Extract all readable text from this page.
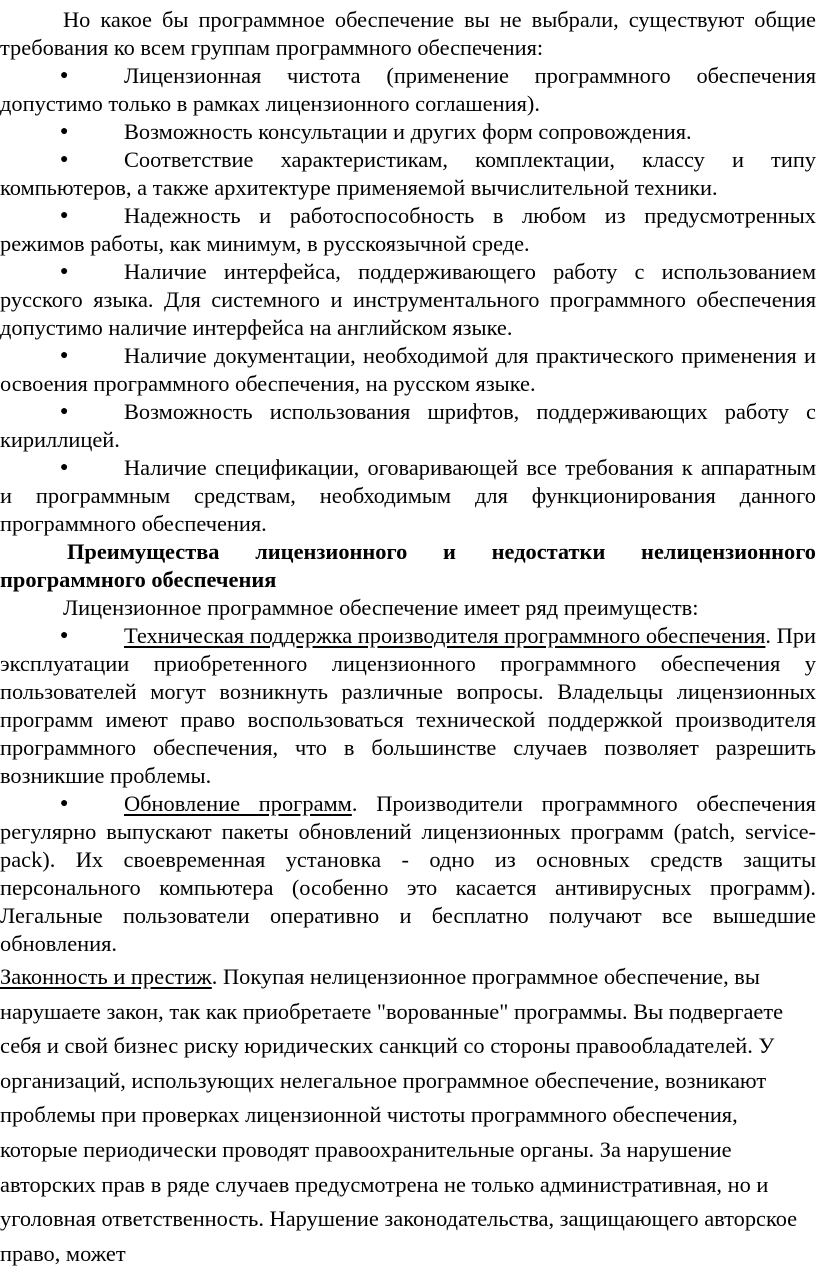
Но какое бы программное обеспечение вы не выбрали, существуют общие требования ко всем группам программного обеспечения:

● Лицензионная чистота (применение программного обеспечения допустимо только в рамках лицензионного соглашения).

● Возможность консультации и других форм сопровождения.

● Соответствие характеристикам, комплектации, классу и типу компьютеров, а также архитектуре применяемой вычислительной техники.

● Надежность и работоспособность в любом из предусмотренных режимов работы, как минимум, в русскоязычной среде.

● Наличие интерфейса, поддерживающего работу с использованием русского языка. Для системного и инструментального программного обеспечения допустимо наличие интерфейса на английском языке.

● Наличие документации, необходимой для практического применения и освоения программного обеспечения, на русском языке.

● Возможность использования шрифтов, поддерживающих работу с кириллицей.

● Наличие спецификации, оговаривающей все требования к аппаратным и программным средствам, необходимым для функционирования данного программного обеспечения.

Преимущества лицензионного и недостатки нелицензионного программного обеспечения

Лицензионное программное обеспечение имеет ряд преимуществ:

● Техническая поддержка производителя программного обеспечения. При эксплуатации приобретенного лицензионного программного обеспечения у пользователей могут возникнуть различные вопросы. Владельцы лицензионных программ имеют право воспользоваться технической поддержкой производителя программного обеспечения, что в большинстве случаев позволяет разрешить возникшие проблемы.

● Обновление программ. Производители программного обеспечения регулярно выпускают пакеты обновлений лицензионных программ (patch, service-pack). Их своевременная установка - одно из основных средств защиты персонального компьютера (особенно это касается антивирусных программ). Легальные пользователи оперативно и бесплатно получают все вышедшие обновления.

Законность и престиж. Покупая нелицензионное программное обеспечение, вы нарушаете закон, так как приобретаете "ворованные" программы. Вы подвергаете себя и свой бизнес риску юридических санкций со стороны правообладателей. У организаций, использующих нелегальное программное обеспечение, возникают проблемы при проверках лицензионной чистоты программного обеспечения, которые периодически проводят правоохранительные органы. За нарушение авторских прав в ряде случаев предусмотрена не только административная, но и уголовная ответственность. Нарушение законодательства, защищающего авторское право, может
